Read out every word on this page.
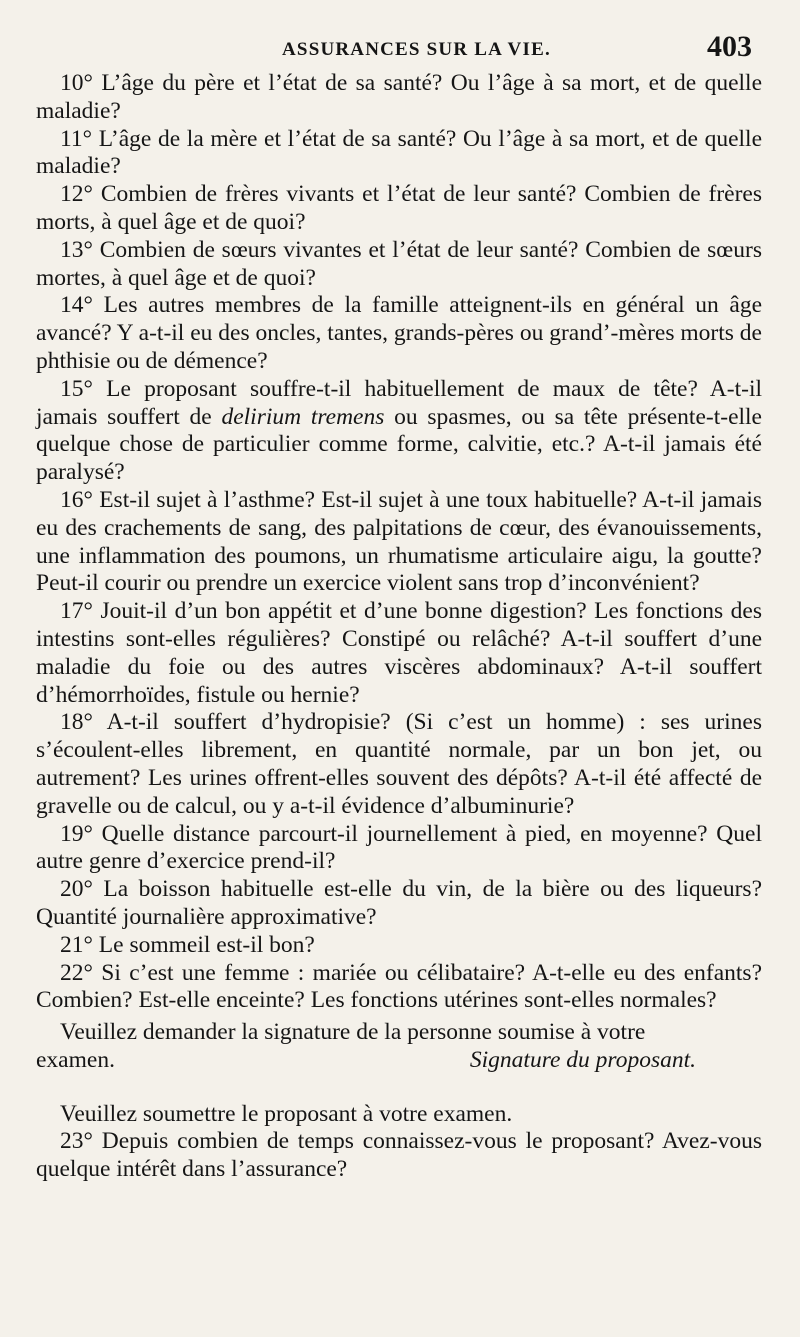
ASSURANCES SUR LA VIE.	403

10° L’âge du père et l’état de sa santé? Ou l’âge à sa mort, et de quelle maladie?

11° L’âge de la mère et l’état de sa santé? Ou l’âge à sa mort, et de quelle maladie?

12° Combien de frères vivants et l’état de leur santé? Combien de frères morts, à quel âge et de quoi?

13° Combien de sœurs vivantes et l’état de leur santé? Combien de sœurs mortes, à quel âge et de quoi?

14° Les autres membres de la famille atteignent-ils en général un âge avancé? Y a-t-il eu des oncles, tantes, grands-pères ou grand’-mères morts de phthisie ou de démence?

15° Le proposant souffre-t-il habituellement de maux de tête? A-t-il jamais souffert de delirium tremens ou spasmes, ou sa tête présente-t-elle quelque chose de particulier comme forme, calvitie, etc.? A-t-il jamais été paralysé?

16° Est-il sujet à l’asthme? Est-il sujet à une toux habituelle? A-t-il jamais eu des crachements de sang, des palpitations de cœur, des évanouissements, une inflammation des poumons, un rhumatisme articulaire aigu, la goutte? Peut-il courir ou prendre un exercice violent sans trop d’inconvénient?

17° Jouit-il d’un bon appétit et d’une bonne digestion? Les fonctions des intestins sont-elles régulières? Constipé ou relâché? A-t-il souffert d’une maladie du foie ou des autres viscères abdominaux? A-t-il souffert d’hémorrhoïdes, fistule ou hernie?

18° A-t-il souffert d’hydropisie? (Si c’est un homme) : ses urines s’écoulent-elles librement, en quantité normale, par un bon jet, ou autrement? Les urines offrent-elles souvent des dépôts? A-t-il été affecté de gravelle ou de calcul, ou y a-t-il évidence d’albuminurie?

19° Quelle distance parcourt-il journellement à pied, en moyenne? Quel autre genre d’exercice prend-il?

20° La boisson habituelle est-elle du vin, de la bière ou des liqueurs? Quantité journalière approximative?

21° Le sommeil est-il bon?

22° Si c’est une femme : mariée ou célibataire? A-t-elle eu des enfants? Combien? Est-elle enceinte? Les fonctions utérines sont-elles normales?

Veuillez demander la signature de la personne soumise à votre

examen.	Signature du proposant.

Veuillez soumettre le proposant à votre examen.

23° Depuis combien de temps connaissez-vous le proposant? Avez-vous quelque intérêt dans l’assurance?
